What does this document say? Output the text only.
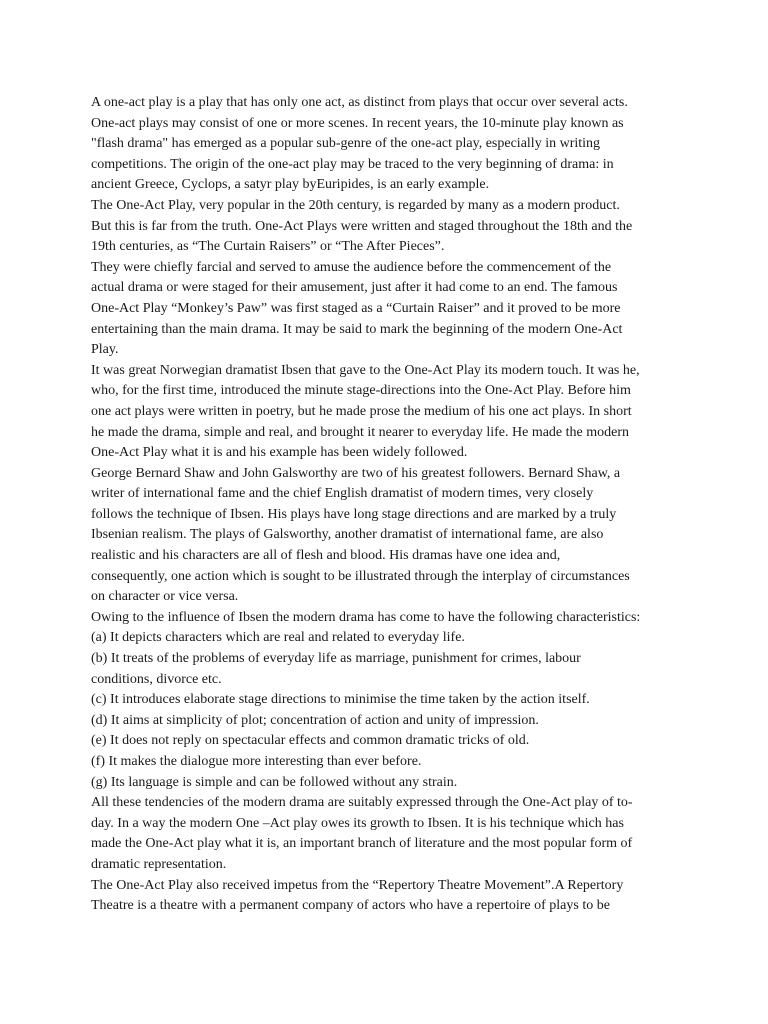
A one-act play is a play that has only one act, as distinct from plays that occur over several acts.
One-act plays may consist of one or more scenes. In recent years, the 10-minute play known as
"flash drama" has emerged as a popular sub-genre of the one-act play, especially in writing
competitions. The origin of the one-act play may be traced to the very beginning of drama: in
ancient Greece, Cyclops, a satyr play byEuripides, is an early example.
The One-Act Play, very popular in the 20th century, is regarded by many as a modern product.
But this is far from the truth. One-Act Plays were written and staged throughout the 18th and the
19th centuries, as “The Curtain Raisers” or “The After Pieces”.
They were chiefly farcial and served to amuse the audience before the commencement of the
actual drama or were staged for their amusement, just after it had come to an end. The famous
One-Act Play “Monkey’s Paw” was first staged as a “Curtain Raiser” and it proved to be more
entertaining than the main drama. It may be said to mark the beginning of the modern One-Act
Play.
It was great Norwegian dramatist Ibsen that gave to the One-Act Play its modern touch. It was he,
who, for the first time, introduced the minute stage-directions into the One-Act Play. Before him
one act plays were written in poetry, but he made prose the medium of his one act plays. In short
he made the drama, simple and real, and brought it nearer to everyday life. He made the modern
One-Act Play what it is and his example has been widely followed.
George Bernard Shaw and John Galsworthy are two of his greatest followers. Bernard Shaw, a
writer of international fame and the chief English dramatist of modern times, very closely
follows the technique of Ibsen. His plays have long stage directions and are marked by a truly
Ibsenian realism. The plays of Galsworthy, another dramatist of international fame, are also
realistic and his characters are all of flesh and blood. His dramas have one idea and,
consequently, one action which is sought to be illustrated through the interplay of circumstances
on character or vice versa.
Owing to the influence of Ibsen the modern drama has come to have the following characteristics:
(a) It depicts characters which are real and related to everyday life.
(b) It treats of the problems of everyday life as marriage, punishment for crimes, labour
conditions, divorce etc.
(c) It introduces elaborate stage directions to minimise the time taken by the action itself.
(d) It aims at simplicity of plot; concentration of action and unity of impression.
(e) It does not reply on spectacular effects and common dramatic tricks of old.
(f) It makes the dialogue more interesting than ever before.
(g) Its language is simple and can be followed without any strain.
All these tendencies of the modern drama are suitably expressed through the One-Act play of to-
day. In a way the modern One –Act play owes its growth to Ibsen. It is his technique which has
made the One-Act play what it is, an important branch of literature and the most popular form of
dramatic representation.
The One-Act Play also received impetus from the “Repertory Theatre Movement”.A Repertory
Theatre is a theatre with a permanent company of actors who have a repertoire of plays to be
